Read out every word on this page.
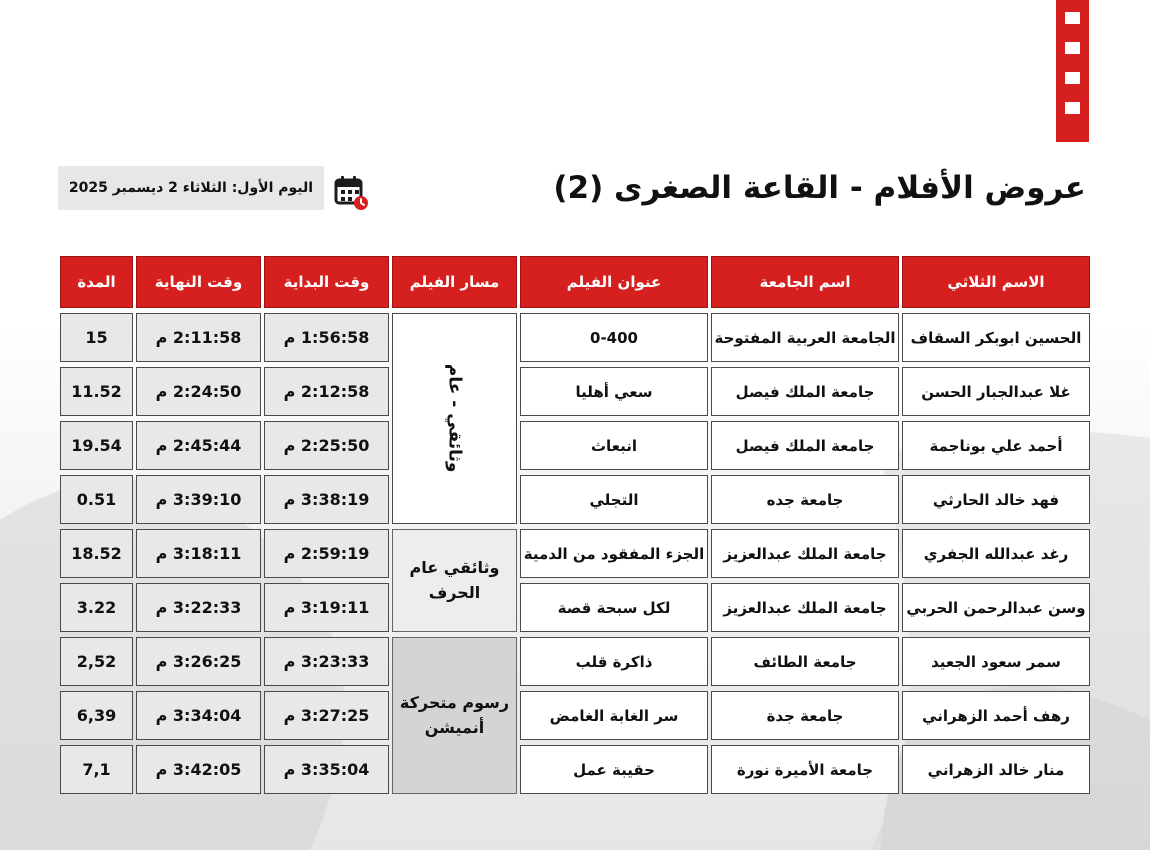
عروض الأفلام - القاعة الصغرى (2)
اليوم الأول: الثلاثاء 2 ديسمبر 2025
الاسم الثلاثي
اسم الجامعة
عنوان الفيلم
مسار الفيلم
وقت البداية
وقت النهاية
المدة
الحسين ابوبكر السقاف
الجامعة العربية المفتوحة
0-400
1:56:58 م
2:11:58 م
15
غلا عبدالجبار الحسن
جامعة الملك فيصل
سعي أهليا
2:12:58 م
2:24:50 م
11.52
أحمد علي بوناجمة
جامعة الملك فيصل
انبعاث
2:25:50 م
2:45:44 م
19.54
فهد خالد الحارثي
جامعة جده
التجلي
3:38:19 م
3:39:10 م
0.51
رغد عبدالله الجفري
جامعة الملك عبدالعزيز
الجزء المفقود من الدمية
2:59:19 م
3:18:11 م
18.52
وسن عبدالرحمن الحربي
جامعة الملك عبدالعزيز
لكل سبحة قصة
3:19:11 م
3:22:33 م
3.22
سمر سعود الجعيد
جامعة الطائف
ذاكرة قلب
3:23:33 م
3:26:25 م
2,52
رهف أحمد الزهراني
جامعة جدة
سر الغابة الغامض
3:27:25 م
3:34:04 م
6,39
منار خالد الزهراني
جامعة الأميرة نورة
حقيبة عمل
3:35:04 م
3:42:05 م
7,1
وثائقي - عام
وثائقي عام الحرف
رسوم متحركة أنميشن
